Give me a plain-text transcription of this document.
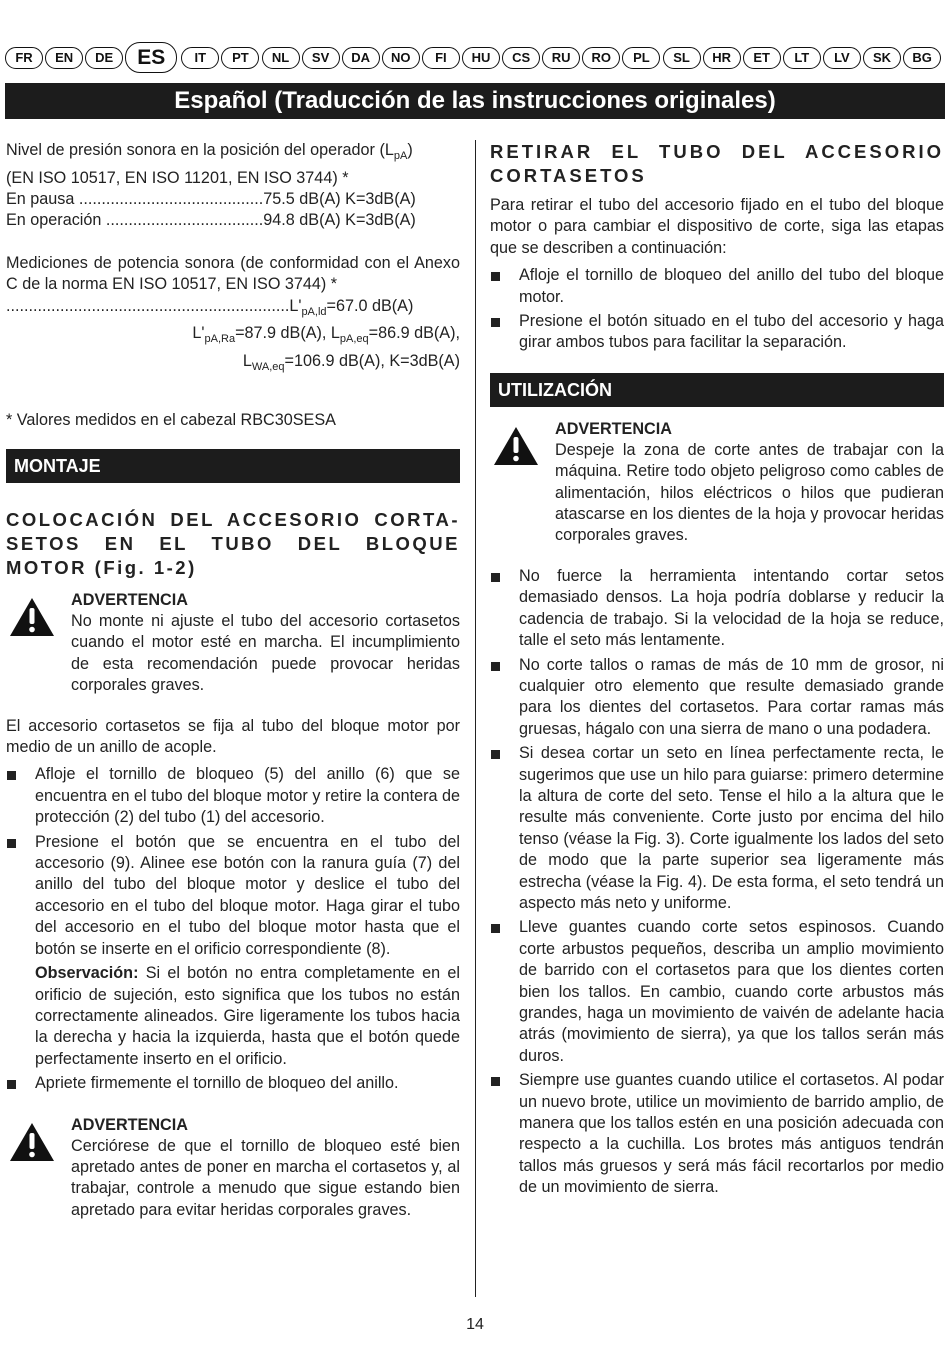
FR	EN	DE	ES	IT	PT	NL	SV	DA	NO	FI	HU	CS	RU	RO	PL	SL	HR	ET	LT	LV	SK	BG
Español (Traducción de las instrucciones originales)

Nivel de presión sonora en la posición del operador $(L_{pA})$

(EN ISO 10517, EN ISO 11201, EN ISO 3744) *

En pausa .........................................75.5 dB(A) K=3dB(A)

En operación ...................................94.8 dB(A) K=3dB(A)

Mediciones de potencia sonora (de conformidad con el Anexo C de la norma EN ISO 10517, EN ISO 3744) *

$...............................................................L'_{pA,ld}=67.0$ dB(A)

$L'_{pA,Ra}=87.9$ dB(A), $L_{pA,eq}=86.9$ dB(A),

$L_{WA,eq}=106.9$ dB(A), K=3dB(A)

* Valores medidos en el cabezal RBC30SESA

MONTAJE
COLOCACIÓN DEL ACCESORIO CORTA-SETOS EN EL TUBO DEL BLOQUE MOTOR (Fig. 1-2)
ADVERTENCIA

No monte ni ajuste el tubo del accesorio cortasetos cuando el motor esté en marcha. El incumplimiento de esta recomendación puede provocar heridas corporales graves.

El accesorio cortasetos se fija al tubo del bloque motor por medio de un anillo de acople.

Afloje el tornillo de bloqueo (5) del anillo (6) que se encuentra en el tubo del bloque motor y retire la contera de protección (2) del tubo (1) del accesorio.
Presione el botón que se encuentra en el tubo del accesorio (9). Alinee ese botón con la ranura guía (7) del anillo del tubo del bloque motor y deslice el tubo del accesorio en el tubo del bloque motor. Haga girar el tubo del accesorio en el tubo del bloque motor hasta que el botón se inserte en el orificio correspondiente (8).
Observación: Si el botón no entra completamente en el orificio de sujeción, esto significa que los tubos no están correctamente alineados. Gire ligeramente los tubos hacia la derecha y hacia la izquierda, hasta que el botón quede perfectamente inserto en el orificio.
Apriete firmemente el tornillo de bloqueo del anillo.
ADVERTENCIA

Cerciórese de que el tornillo de bloqueo esté bien apretado antes de poner en marcha el cortasetos y, al trabajar, controle a menudo que sigue estando bien apretado para evitar heridas corporales graves.

RETIRAR EL TUBO DEL ACCESORIO CORTASETOS

Para retirar el tubo del accesorio fijado en el tubo del bloque motor o para cambiar el dispositivo de corte, siga las etapas que se describen a continuación:

Afloje el tornillo de bloqueo del anillo del tubo del bloque motor.
Presione el botón situado en el tubo del accesorio y haga girar ambos tubos para facilitar la separación.
UTILIZACIÓN
ADVERTENCIA

Despeje la zona de corte antes de trabajar con la máquina. Retire todo objeto peligroso como cables de alimentación, hilos eléctricos o hilos que pudieran atascarse en los dientes de la hoja y provocar heridas corporales graves.

No fuerce la herramienta intentando cortar setos demasiado densos. La hoja podría doblarse y reducir la cadencia de trabajo. Si la velocidad de la hoja se reduce, talle el seto más lentamente.
No corte tallos o ramas de más de 10 mm de grosor, ni cualquier otro elemento que resulte demasiado grande para los dientes del cortasetos. Para cortar ramas más gruesas, hágalo con una sierra de mano o una podadera.
Si desea cortar un seto en línea perfectamente recta, le sugerimos que use un hilo para guiarse: primero determine la altura de corte del seto. Tense el hilo a la altura que le resulte más conveniente. Corte justo por encima del hilo tenso (véase la Fig. 3). Corte igualmente los lados del seto de modo que la parte superior sea ligeramente más estrecha (véase la Fig. 4). De esta forma, el seto tendrá un aspecto más neto y uniforme.
Lleve guantes cuando corte setos espinosos. Cuando corte arbustos pequeños, describa un amplio movimiento de barrido con el cortasetos para que los dientes corten bien los tallos. En cambio, cuando corte arbustos más grandes, haga un movimiento de vaivén de adelante hacia atrás (movimiento de sierra), ya que los tallos serán más duros.
Siempre use guantes cuando utilice el cortasetos. Al podar un nuevo brote, utilice un movimiento de barrido amplio, de manera que los tallos estén en una posición adecuada con respecto a la cuchilla. Los brotes más antiguos tendrán tallos más gruesos y será más fácil recortarlos por medio de un movimiento de sierra.
14
